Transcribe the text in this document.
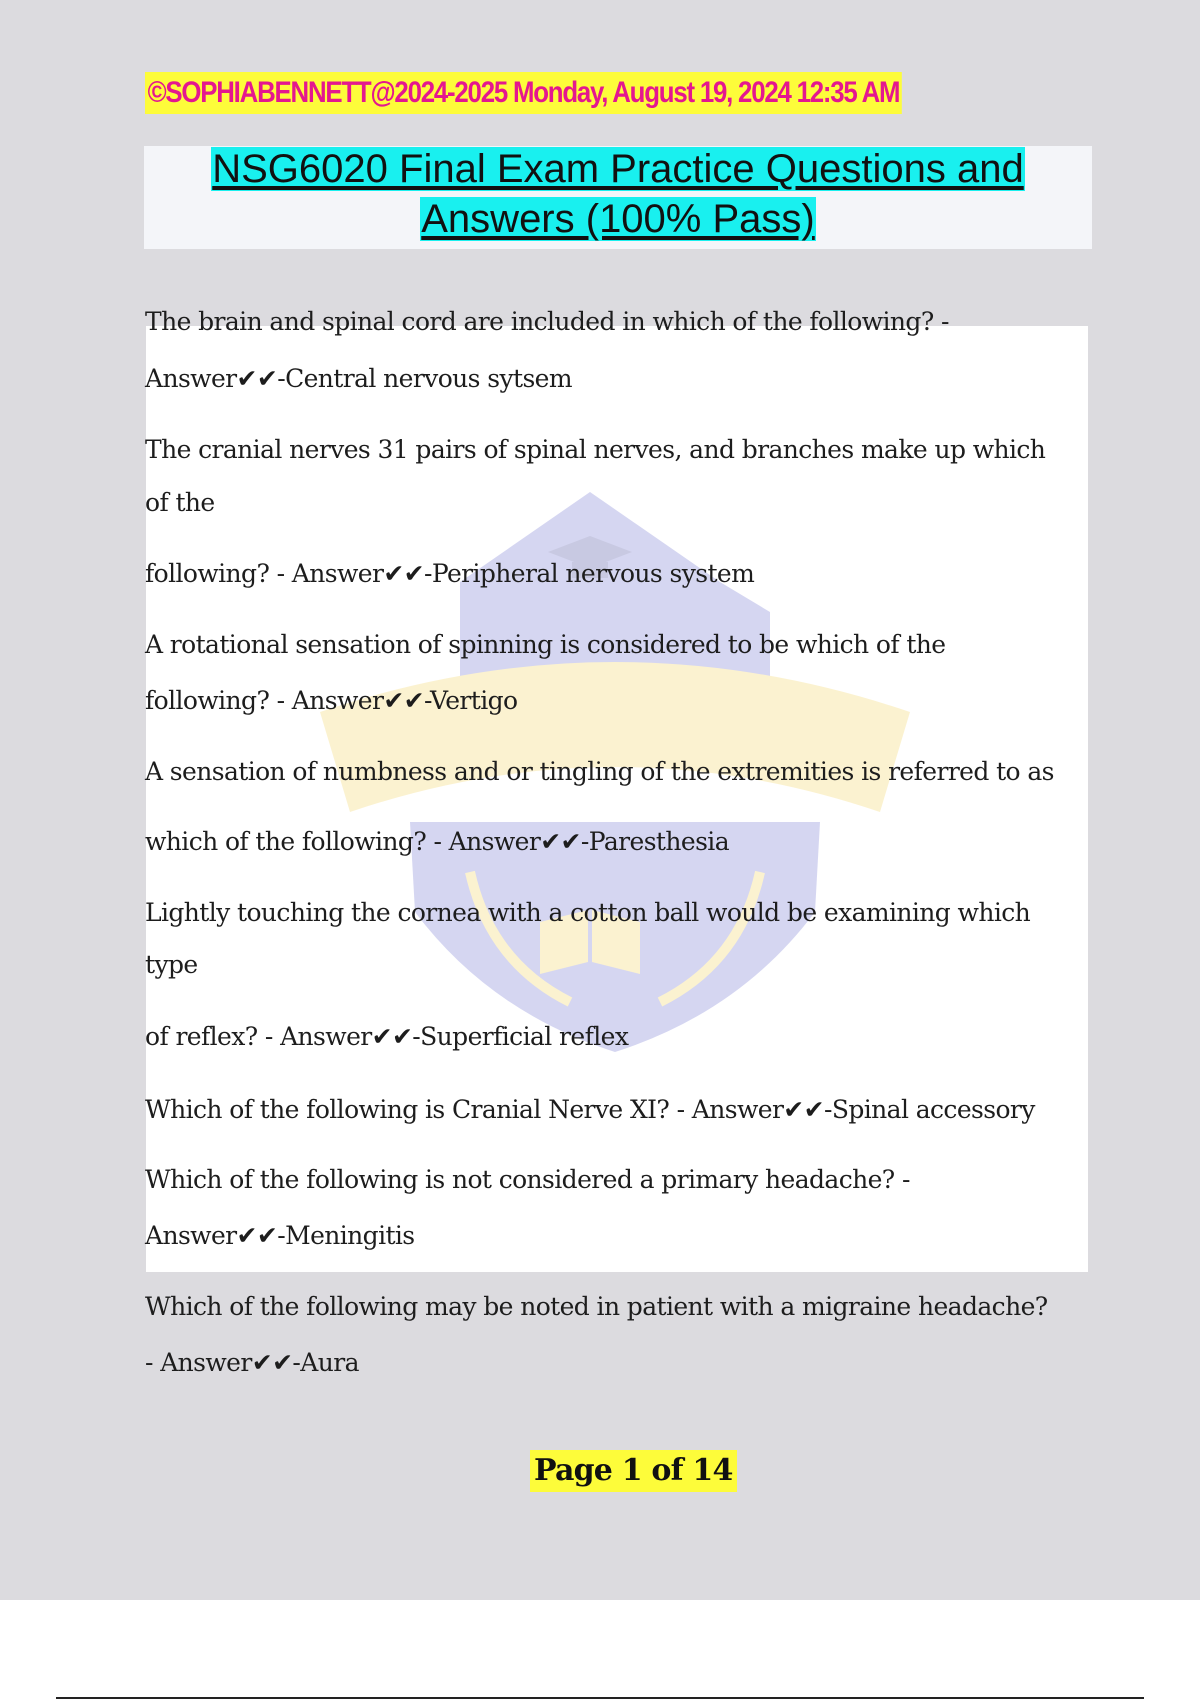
©SOPHIABENNETT@2024-2025 Monday, August 19, 2024 12:35 AM
NSG6020 Final Exam Practice Questions and
Answers (100% Pass)
The brain and spinal cord are included in which of the following? -
Answer✔✔-Central nervous sytsem
The cranial nerves 31 pairs of spinal nerves, and branches make up which
of the
following? - Answer✔✔-Peripheral nervous system
A rotational sensation of spinning is considered to be which of the
following? - Answer✔✔-Vertigo
A sensation of numbness and or tingling of the extremities is referred to as
which of the following? - Answer✔✔-Paresthesia
Lightly touching the cornea with a cotton ball would be examining which
type
of reflex? - Answer✔✔-Superficial reflex
Which of the following is Cranial Nerve XI? - Answer✔✔-Spinal accessory
Which of the following is not considered a primary headache? -
Answer✔✔-Meningitis
Which of the following may be noted in patient with a migraine headache?
- Answer✔✔-Aura
Page 1 of 14
